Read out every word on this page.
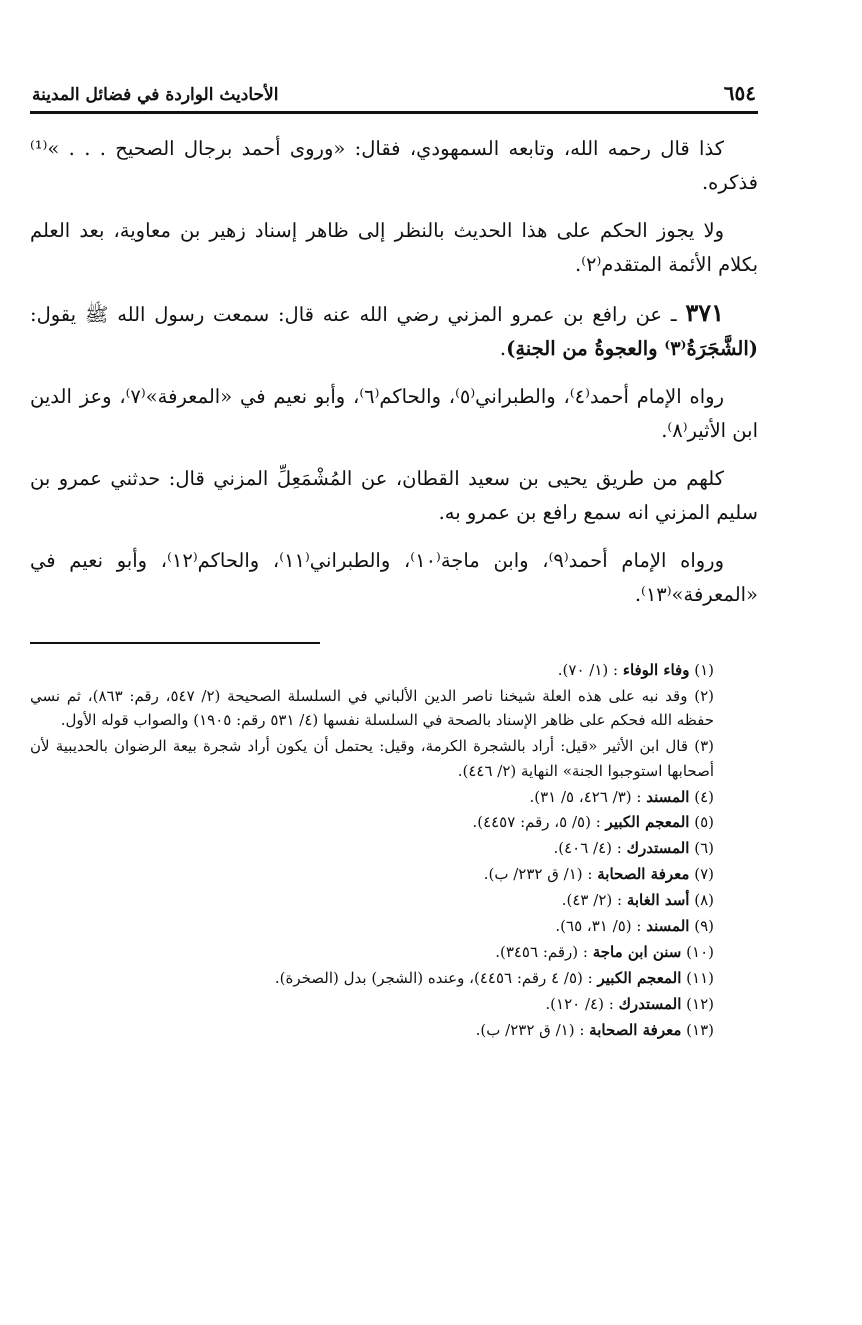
٦٥٤
الأحاديث الواردة في فضائل المدينة

كذا قال رحمه الله، وتابعه السمهودي، فقال: «وروى أحمد برجال الصحيح . . . »⁽¹⁾ فذكره.

ولا يجوز الحكم على هذا الحديث بالنظر إلى ظاهر إسناد زهير بن معاوية، بعد العلم بكلام الأئمة المتقدم⁽٢⁾.

٣٧١ ـ عن رافع بن عمرو المزني رضي الله عنه قال: سمعت رسول الله ﷺ يقول: (الشَّجَرَةُ⁽٣⁾ والعجوةُ من الجنةِ).

رواه الإمام أحمد⁽٤⁾، والطبراني⁽٥⁾، والحاكم⁽٦⁾، وأبو نعيم في «المعرفة»⁽٧⁾، وعز الدين ابن الأثير⁽٨⁾.

كلهم من طريق يحيى بن سعيد القطان، عن المُشْمَعِلِّ المزني قال: حدثني عمرو بن سليم المزني انه سمع رافع بن عمرو به.

ورواه الإمام أحمد⁽٩⁾، وابن ماجة⁽١٠⁾، والطبراني⁽١١⁾، والحاكم⁽١٢⁾، وأبو نعيم في «المعرفة»⁽١٣⁾.

(١) وفاء الوفاء : (١/ ٧٠).

(٢) وقد نبه على هذه العلة شيخنا ناصر الدين الألباني في السلسلة الصحيحة (٢/ ٥٤٧، رقم: ٨٦٣)، ثم نسي حفظه الله فحكم على ظاهر الإسناد بالصحة في السلسلة نفسها (٤/ ٥٣١ رقم: ١٩٠٥) والصواب قوله الأول.

(٣) قال ابن الأثير «قيل: أراد بالشجرة الكرمة، وقيل: يحتمل أن يكون أراد شجرة بيعة الرضوان بالحديبية لأن أصحابها استوجبوا الجنة» النهاية (٢/ ٤٤٦).

(٤) المسند : (٣/ ٤٢٦، ٥/ ٣١).

(٥) المعجم الكبير : (٥/ ٥، رقم: ٤٤٥٧).

(٦) المستدرك : (٤/ ٤٠٦).

(٧) معرفة الصحابة : (١/ ق ٢٣٢/ ب).

(٨) أسد الغابة : (٢/ ٤٣).

(٩) المسند : (٥/ ٣١، ٦٥).

(١٠) سنن ابن ماجة : (رقم: ٣٤٥٦).

(١١) المعجم الكبير : (٥/ ٤ رقم: ٤٤٥٦)، وعنده (الشجر) بدل (الصخرة).

(١٢) المستدرك : (٤/ ١٢٠).

(١٣) معرفة الصحابة : (١/ ق ٢٣٢/ ب).
